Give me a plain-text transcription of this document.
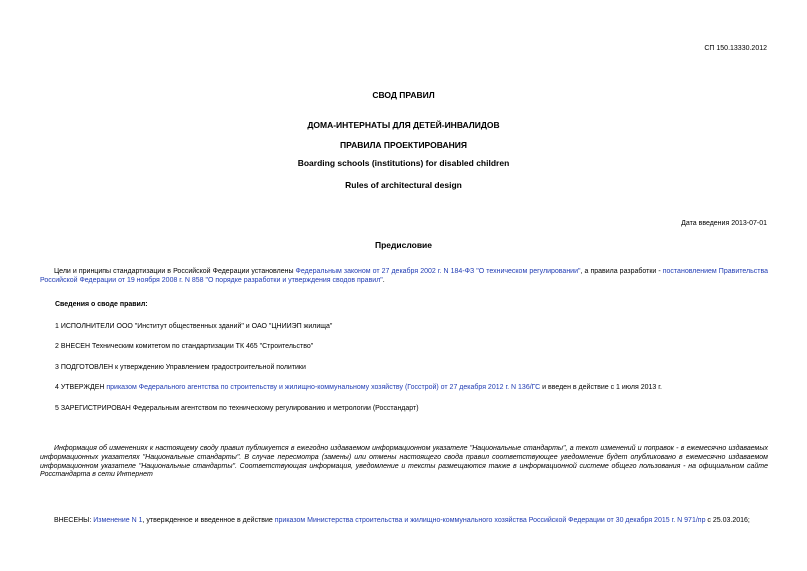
СП 150.13330.2012
СВОД ПРАВИЛ
ДОМА-ИНТЕРНАТЫ ДЛЯ ДЕТЕЙ-ИНВАЛИДОВ
ПРАВИЛА ПРОЕКТИРОВАНИЯ
Boarding schools (institutions) for disabled children
Rules of architectural design
Дата введения 2013-07-01
Предисловие
Цели и принципы стандартизации в Российской Федерации установлены Федеральным законом от 27 декабря 2002 г. N 184-ФЗ "О техническом регулировании", а правила разработки - постановлением Правительства Российской Федерации от 19 ноября 2008 г. N 858 "О порядке разработки и утверждения сводов правил".
Сведения о своде правил:
1 ИСПОЛНИТЕЛИ ООО "Институт общественных зданий" и ОАО "ЦНИИЭП жилища"
2 ВНЕСЕН Техническим комитетом по стандартизации ТК 465 "Строительство"
3 ПОДГОТОВЛЕН к утверждению Управлением градостроительной политики
4 УТВЕРЖДЕН приказом Федерального агентства по строительству и жилищно-коммунальному хозяйству (Госстрой) от 27 декабря 2012 г. N 136/ГС и введен в действие с 1 июля 2013 г.
5 ЗАРЕГИСТРИРОВАН Федеральным агентством по техническому регулированию и метрологии (Росстандарт)
Информация об изменениях к настоящему своду правил публикуется в ежегодно издаваемом информационном указателе "Национальные стандарты", а текст изменений и поправок - в ежемесячно издаваемых информационных указателях "Национальные стандарты". В случае пересмотра (замены) или отмены настоящего свода правил соответствующее уведомление будет опубликовано в ежемесячно издаваемом информационном указателе "Национальные стандарты". Соответствующая информация, уведомление и тексты размещаются также в информационной системе общего пользования - на официальном сайте Росстандарта в сети Интернет
ВНЕСЕНЫ: Изменение N 1, утвержденное и введенное в действие приказом Министерства строительства и жилищно-коммунального хозяйства Российской Федерации от 30 декабря 2015 г. N 971/пр с 25.03.2016;
